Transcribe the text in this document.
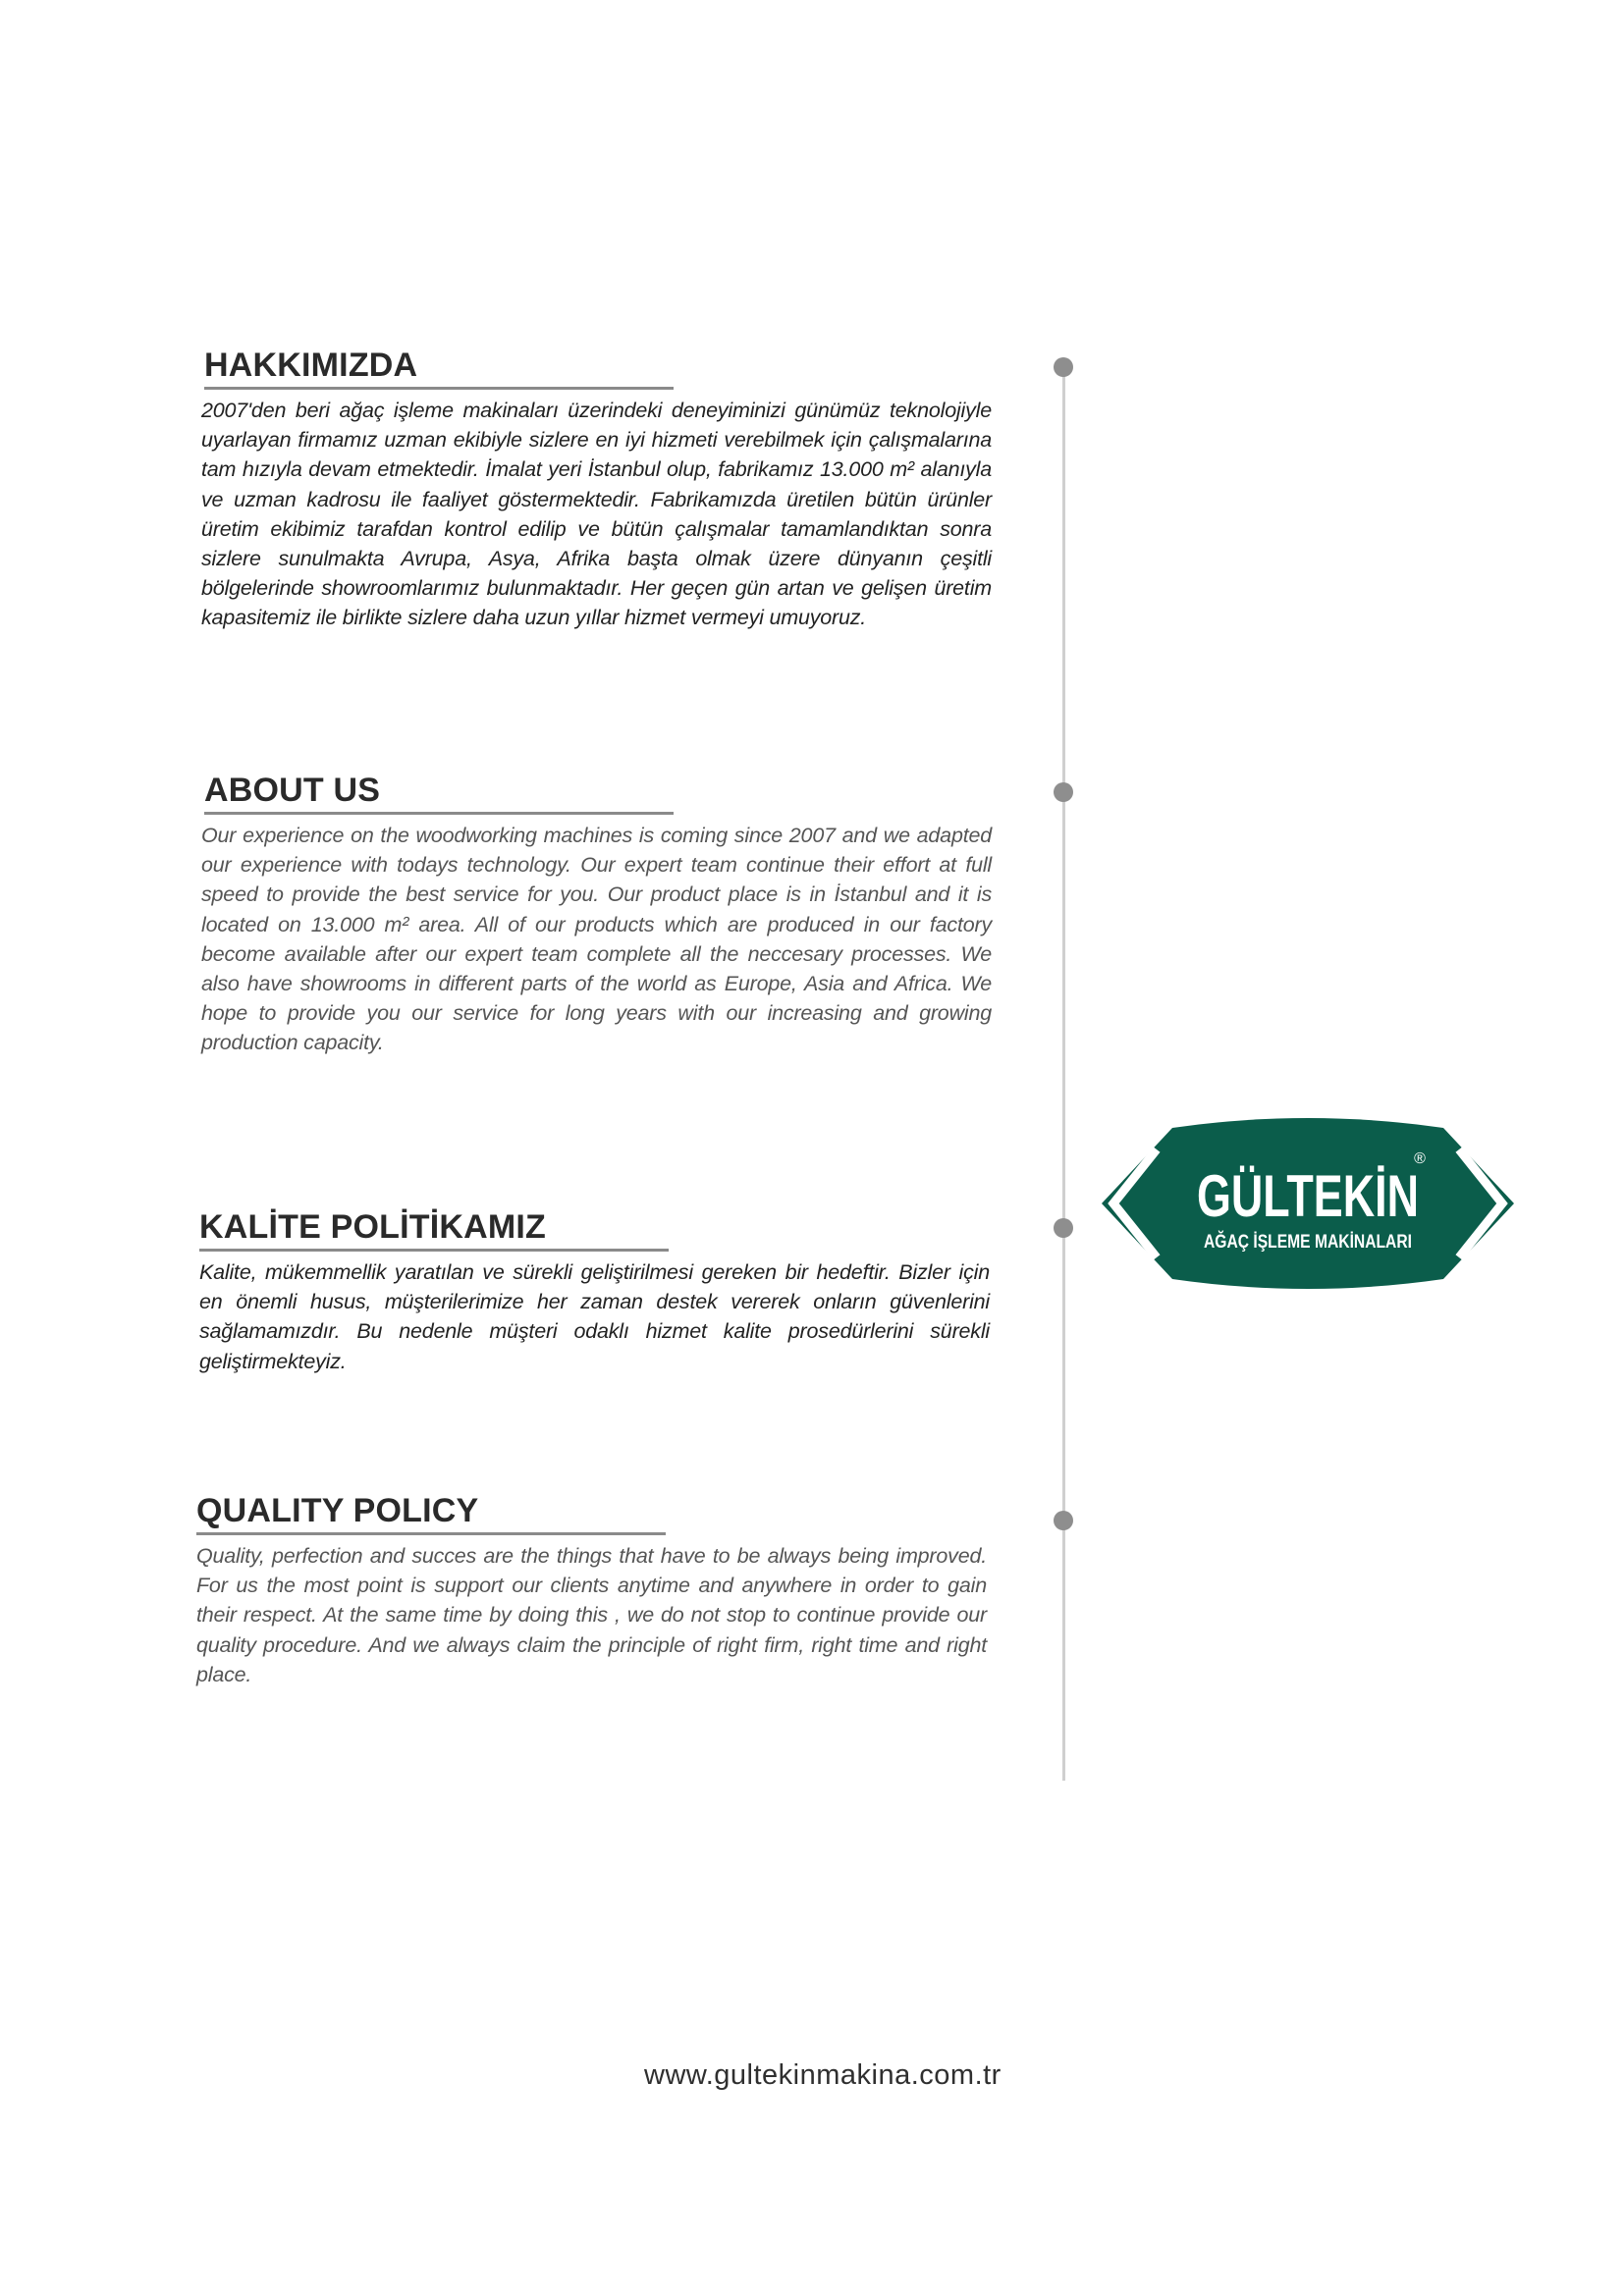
HAKKIMIZDA
2007'den beri ağaç işleme makinaları üzerindeki deneyiminizi günümüz teknolojiyle uyarlayan firmamız uzman ekibiyle sizlere en iyi hizmeti verebilmek için çalışmalarına tam hızıyla devam etmektedir. İmalat yeri İstanbul olup, fabrikamız 13.000 m² alanıyla ve uzman kadrosu ile faaliyet göstermektedir. Fabrikamızda üretilen bütün ürünler üretim ekibimiz tarafdan kontrol edilip ve bütün çalışmalar tamamlandıktan sonra sizlere sunulmakta Avrupa, Asya, Afrika başta olmak üzere dünyanın çeşitli bölgelerinde showroomlarımız bulunmaktadır. Her geçen gün artan ve gelişen üretim kapasitemiz ile birlikte sizlere daha uzun yıllar hizmet vermeyi umuyoruz.
ABOUT US
Our experience on the woodworking machines is coming since 2007 and we adapted our experience with todays technology. Our expert team continue their effort at full speed to provide the best service for you. Our product place is in İstanbul and it is located on 13.000 m² area. All of our products which are produced in our factory become available after our expert team complete all the neccesary processes. We also have showrooms in different parts of the world as Europe, Asia and Africa. We hope to provide you our service for long years with our increasing and growing production capacity.
KALİTE POLİTİKAMIZ
Kalite, mükemmellik yaratılan ve sürekli geliştirilmesi gereken bir hedeftir. Bizler için en önemli husus, müşterilerimize her zaman destek vererek onların güvenlerini sağlamamızdır. Bu nedenle müşteri odaklı hizmet kalite prosedürlerini sürekli geliştirmekteyiz.
QUALITY POLICY
Quality, perfection and succes are the things that have to be always being improved. For us the most point is support our clients anytime and anywhere in order to gain their respect. At the same time by doing this , we do not stop to continue provide our quality procedure. And we always claim the principle of right firm, right time and right place.
GÜLTEKİN
®
AĞAÇ İŞLEME MAKİNALARI
www.gultekinmakina.com.tr
